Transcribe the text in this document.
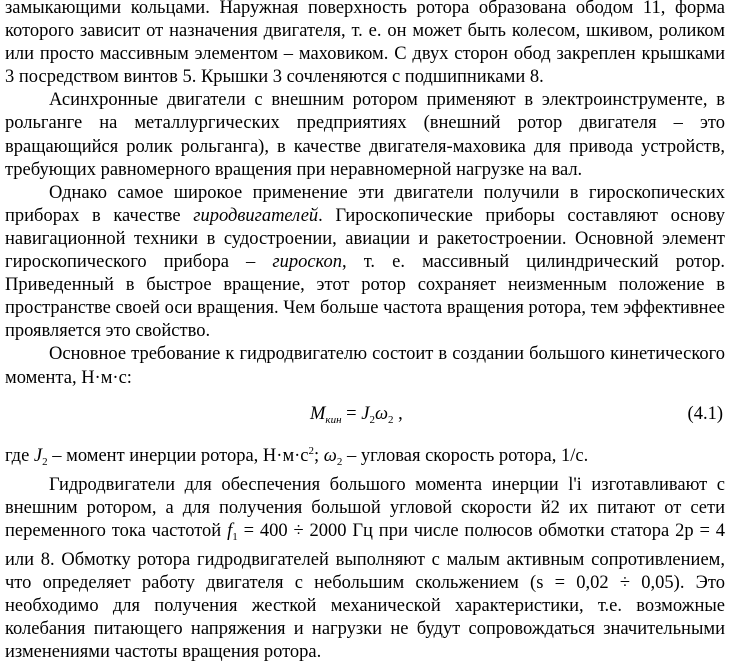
замыкающими кольцами. Наружная поверхность ротора образована ободом 11, форма которого зависит от назначения двигателя, т. е. он может быть колесом, шкивом, роликом или просто массивным элементом – маховиком. С двух сторон обод закреплен крышками 3 посредством винтов 5. Крышки 3 сочленяются с подшипниками 8.

Асинхронные двигатели с внешним ротором применяют в электроинструменте, в рольганге на металлургических предприятиях (внешний ротор двигателя – это вращающийся ролик рольганга), в качестве двигателя-маховика для привода устройств, требующих равномерного вращения при неравномерной нагрузке на вал.

Однако самое широкое применение эти двигатели получили в гироскопических приборах в качестве гиродвигателей. Гироскопические приборы составляют основу навигационной техники в судостроении, авиации и ракетостроении. Основной элемент гироскопического прибора – гироскоп, т. е. массивный цилиндрический ротор. Приведенный в быстрое вращение, этот ротор сохраняет неизменным положение в пространстве своей оси вращения. Чем больше частота вращения ротора, тем эффективнее проявляется это свойство.

Основное требование к гидродвигателю состоит в создании большого кинетического момента, Н·м·с:

$M_{кин} = J_2\omega_2$ ,	(4.1)

где $J_2$ – момент инерции ротора, $Н\cdot м\cdot с^2$; $\omega_2$ – угловая скорость ротора, 1/с.

Гидродвигатели для обеспечения большого момента инерции l'i изготавливают с внешним ротором, а для получения большой угловой скорости й2 их питают от сети переменного тока частотой $f_1 = 400 \div 2000$ Гц при числе полюсов обмотки статора 2р = 4 или 8. Обмотку ротора гидродвигателей выполняют с малым активным сопротивлением, что определяет работу двигателя с небольшим скольжением (s = 0,02 ÷ 0,05). Это необходимо для получения жесткой механической характеристики, т.е. возможные колебания питающего напряжения и нагрузки не будут сопровождаться значительными изменениями частоты вращения ротора.
